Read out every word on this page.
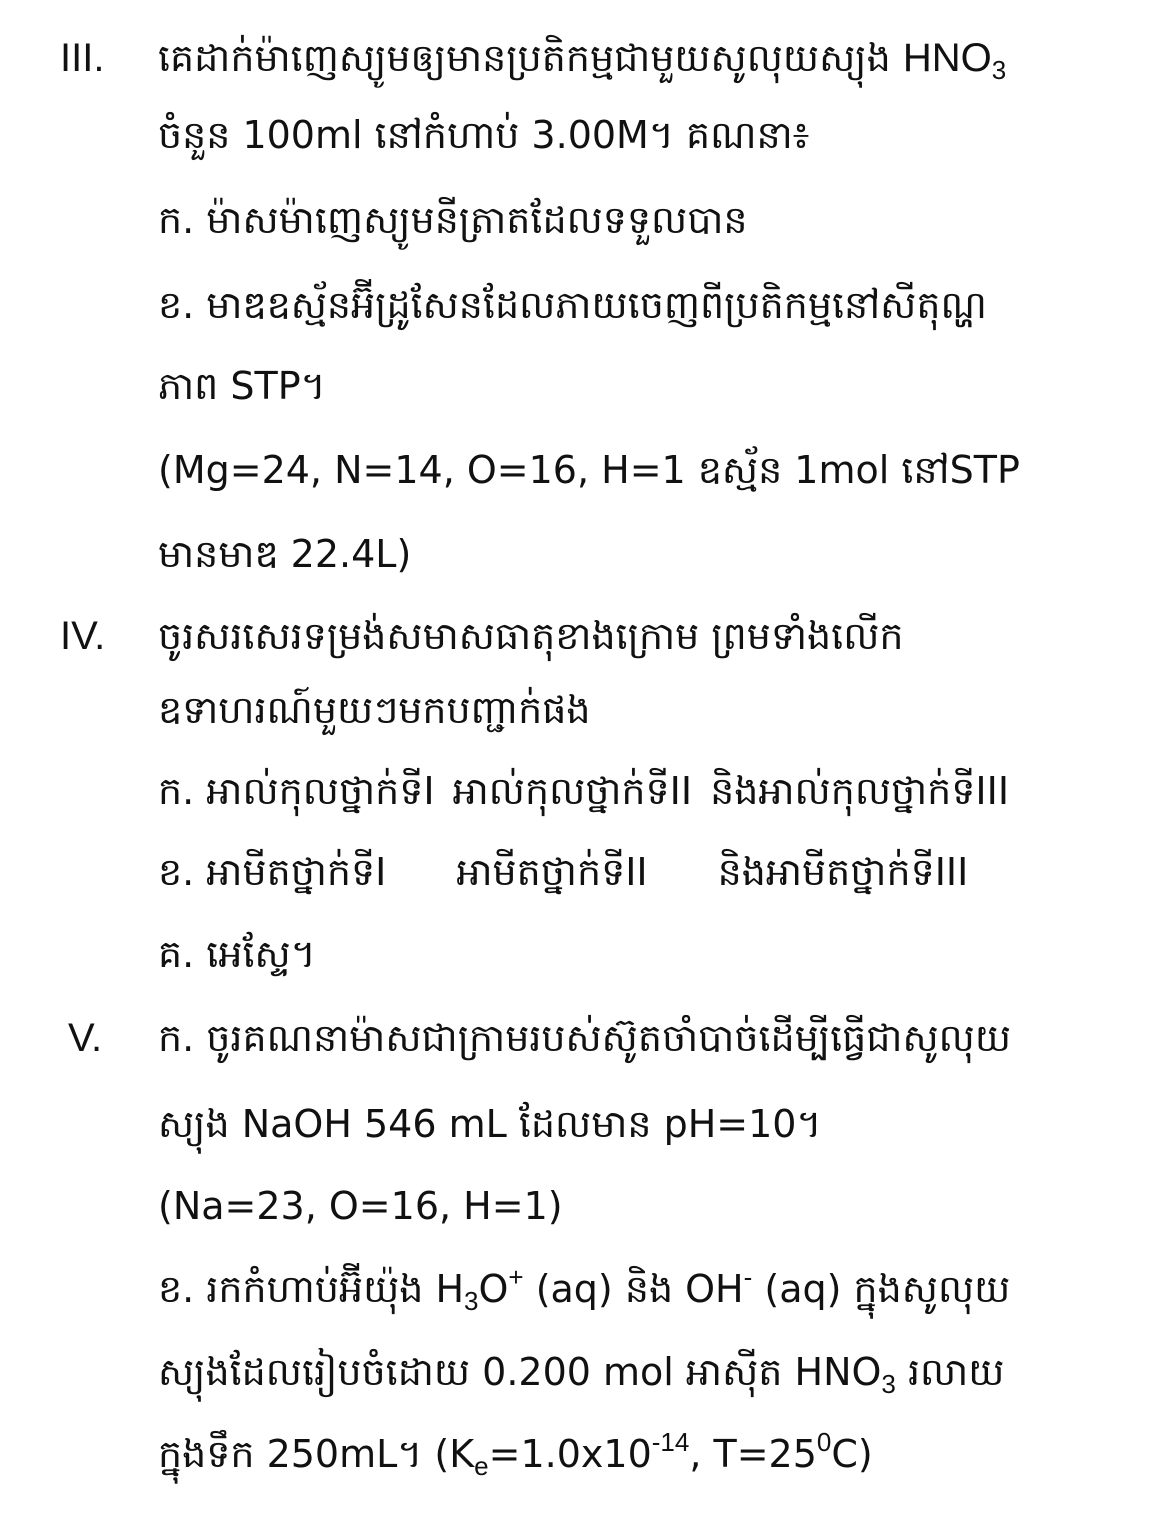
III. គេដាក់ម៉ាញេស្យូមឲ្យមានប្រតិកម្មជាមួយសូលុយស្យុង $HNO_3$
ចំនួន 100ml នៅកំហាប់ 3.00M។ គណនា៖
ក. ម៉ាសម៉ាញេស្យូមនីត្រាតដែលទទួលបាន
ខ. មាឌឧស្ម័នអ៊ីដ្រូសែនដែលភាយចេញពីប្រតិកម្មនៅសីតុណ្ហ
ភាព STP។
(Mg=24, N=14, O=16, H=1 ឧស្ម័ន 1mol នៅSTP
មានមាឌ 22.4L)
IV. ចូរសរសេរទម្រង់សមាសធាតុខាងក្រោម ព្រមទាំងលើក
ឧទាហរណ៍មួយៗមកបញ្ជាក់ផង
ក. អាល់កុលថ្នាក់ទីI អាល់កុលថ្នាក់ទីII និងអាល់កុលថ្នាក់ទីIII
ខ. អាមីតថ្នាក់ទីI អាមីតថ្នាក់ទីII និងអាមីតថ្នាក់ទីIII
គ. អេស្ទែ។
V. ក. ចូរគណនាម៉ាសជាក្រាមរបស់ស៊ូតចាំបាច់ដើម្បីធ្វើជាសូលុយ
ស្យុង NaOH 546 mL ដែលមាន pH=10។
(Na=23, O=16, H=1)
ខ. រកកំហាប់អ៊ីយ៉ុង $H_3O^+$ (aq) និង OH- (aq) ក្នុងសូលុយ
ស្យុងដែលរៀបចំដោយ 0.200 mol អាស៊ីត $HNO_3$ រលាយ
ក្នុងទឹក 250mL។ ($K_e=1.0x10^{-14}$, $T=25^0C$)
